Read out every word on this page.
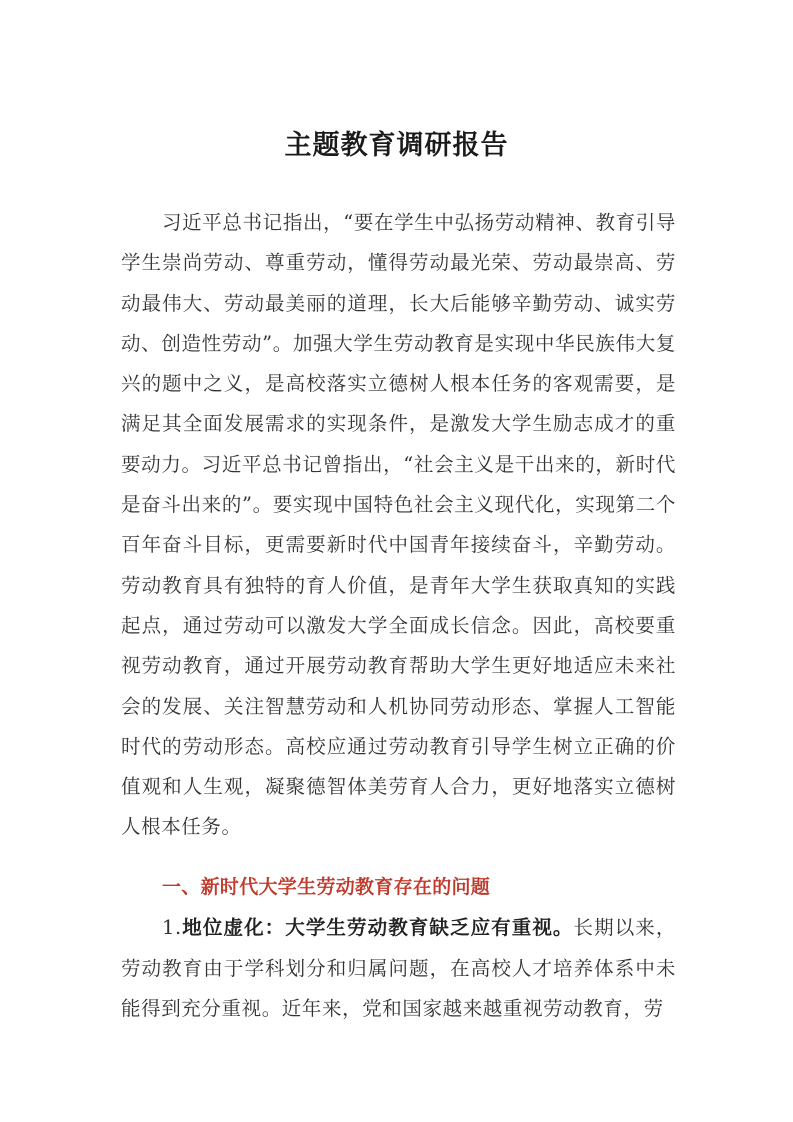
主题教育调研报告
习近平总书记指出，“要在学生中弘扬劳动精神、教育引导学生崇尚劳动、尊重劳动，懂得劳动最光荣、劳动最崇高、劳动最伟大、劳动最美丽的道理，长大后能够辛勤劳动、诚实劳动、创造性劳动”。加强大学生劳动教育是实现中华民族伟大复兴的题中之义，是高校落实立德树人根本任务的客观需要，是满足其全面发展需求的实现条件，是激发大学生励志成才的重要动力。习近平总书记曾指出，“社会主义是干出来的，新时代是奋斗出来的”。要实现中国特色社会主义现代化，实现第二个百年奋斗目标，更需要新时代中国青年接续奋斗，辛勤劳动。劳动教育具有独特的育人价值，是青年大学生获取真知的实践起点，通过劳动可以激发大学全面成长信念。因此，高校要重视劳动教育，通过开展劳动教育帮助大学生更好地适应未来社会的发展、关注智慧劳动和人机协同劳动形态、掌握人工智能时代的劳动形态。高校应通过劳动教育引导学生树立正确的价值观和人生观，凝聚德智体美劳育人合力，更好地落实立德树人根本任务。
一、新时代大学生劳动教育存在的问题
1.地位虚化：大学生劳动教育缺乏应有重视。长期以来，劳动教育由于学科划分和归属问题，在高校人才培养体系中未能得到充分重视。近年来，党和国家越来越重视劳动教育，劳
